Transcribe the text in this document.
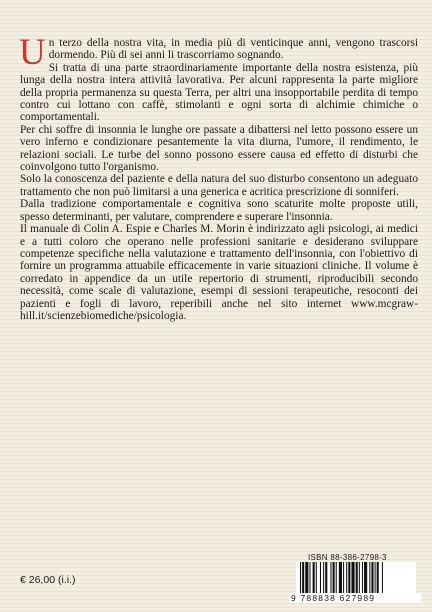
Un terzo della nostra vita, in media più di venticinque anni, vengono trascorsi dormendo. Più di sei anni li trascorriamo sognando.

Si tratta di una parte straordinariamente importante della nostra esistenza, più lunga della nostra intera attività lavorativa. Per alcuni rappresenta la parte migliore della propria permanenza su questa Terra, per altri una insopportabile perdita di tempo contro cui lottano con caffè, stimolanti e ogni sorta di alchimie chimiche o comportamentali.

Per chi soffre di insonnia le lunghe ore passate a dibattersi nel letto possono essere un vero inferno e condizionare pesantemente la vita diurna, l'umore, il rendimento, le relazioni sociali. Le turbe del sonno possono essere causa ed effetto di disturbi che coinvolgono tutto l'organismo.

Solo la conoscenza del paziente e della natura del suo disturbo consentono un adeguato trattamento che non può limitarsi a una generica e acritica prescrizione di sonniferi.

Dalla tradizione comportamentale e cognitiva sono scaturite molte proposte utili, spesso determinanti, per valutare, comprendere e superare l'insonnia.

Il manuale di Colin A. Espie e Charles M. Morin è indirizzato agli psicologi, ai medici e a tutti coloro che operano nelle professioni sanitarie e desiderano sviluppare competenze specifiche nella valutazione e trattamento dell'insonnia, con l'obiettivo di fornire un programma attuabile efficacemente in varie situazioni cliniche. Il volume è corredato in appendice da un utile repertorio di strumenti, riproducibili secondo necessità, come scale di valutazione, esempi di sessioni terapeutiche, resoconti dei pazienti e fogli di lavoro, reperibili anche nel sito internet www.mcgraw-hill.it/scienzebiomediche/psicologia.

ISBN 88-386-2798-3
9 788838 627989
€ 26,00 (i.i.)
